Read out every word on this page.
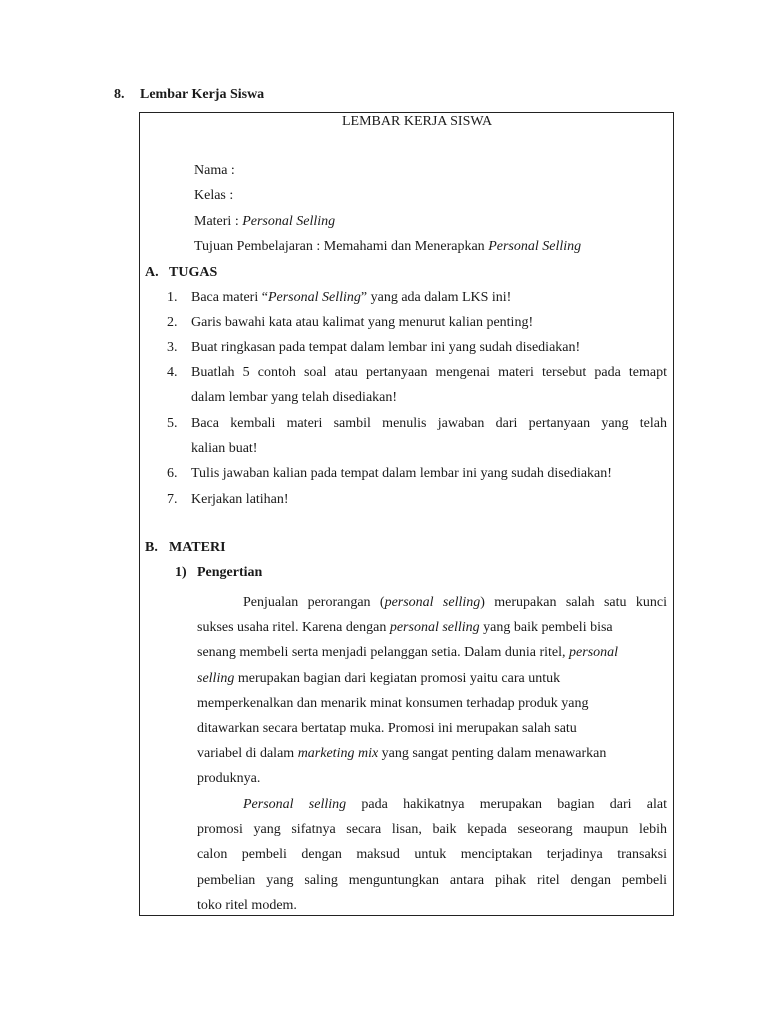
8. Lembar Kerja Siswa
LEMBAR KERJA SISWA
Nama :
Kelas :
Materi : Personal Selling
Tujuan Pembelajaran : Memahami dan Menerapkan Personal Selling
A. TUGAS
1. Baca materi “Personal Selling” yang ada dalam LKS ini!
2. Garis bawahi kata atau kalimat yang menurut kalian penting!
3. Buat ringkasan pada tempat dalam lembar ini yang sudah disediakan!
4. Buatlah 5 contoh soal atau pertanyaan mengenai materi tersebut pada temapt
dalam lembar yang telah disediakan!
5. Baca kembali materi sambil menulis jawaban dari pertanyaan yang telah
kalian buat!
6. Tulis jawaban kalian pada tempat dalam lembar ini yang sudah disediakan!
7. Kerjakan latihan!
B. MATERI
1) Pengertian
Penjualan perorangan (personal selling) merupakan salah satu kunci
sukses usaha ritel. Karena dengan personal selling yang baik pembeli bisa
senang membeli serta menjadi pelanggan setia. Dalam dunia ritel, personal
selling merupakan bagian dari kegiatan promosi yaitu cara untuk
memperkenalkan dan menarik minat konsumen terhadap produk yang
ditawarkan secara bertatap muka. Promosi ini merupakan salah satu
variabel di dalam marketing mix yang sangat penting dalam menawarkan
produknya.
Personal selling pada hakikatnya merupakan bagian dari alat
promosi yang sifatnya secara lisan, baik kepada seseorang maupun lebih
calon pembeli dengan maksud untuk menciptakan terjadinya transaksi
pembelian yang saling menguntungkan antara pihak ritel dengan pembeli
toko ritel modem.
